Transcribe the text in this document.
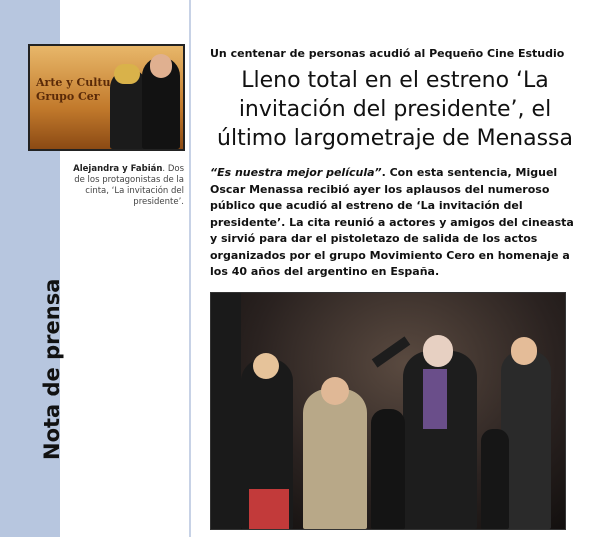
Arte y Cultu
Grupo Cer
Alejandra y Fabián. Dos de los protagonistas de la cinta, ‘La invitación del presidente’.
Nota de prensa
Un centenar de personas acudió al Pequeño Cine Estudio
Lleno total en el estreno ‘La invitación del presidente’, el último largometraje de Menassa
“Es nuestra mejor película”. Con esta sentencia, Miguel Oscar Menassa recibió ayer los aplausos del numeroso público que acudió al estreno de ‘La invitación del presidente’. La cita reunió a actores y amigos del cineasta y sirvió para dar el pistoletazo de salida de los actos organizados por el grupo Movimiento Cero en homenaje a los 40 años del argentino en España.
